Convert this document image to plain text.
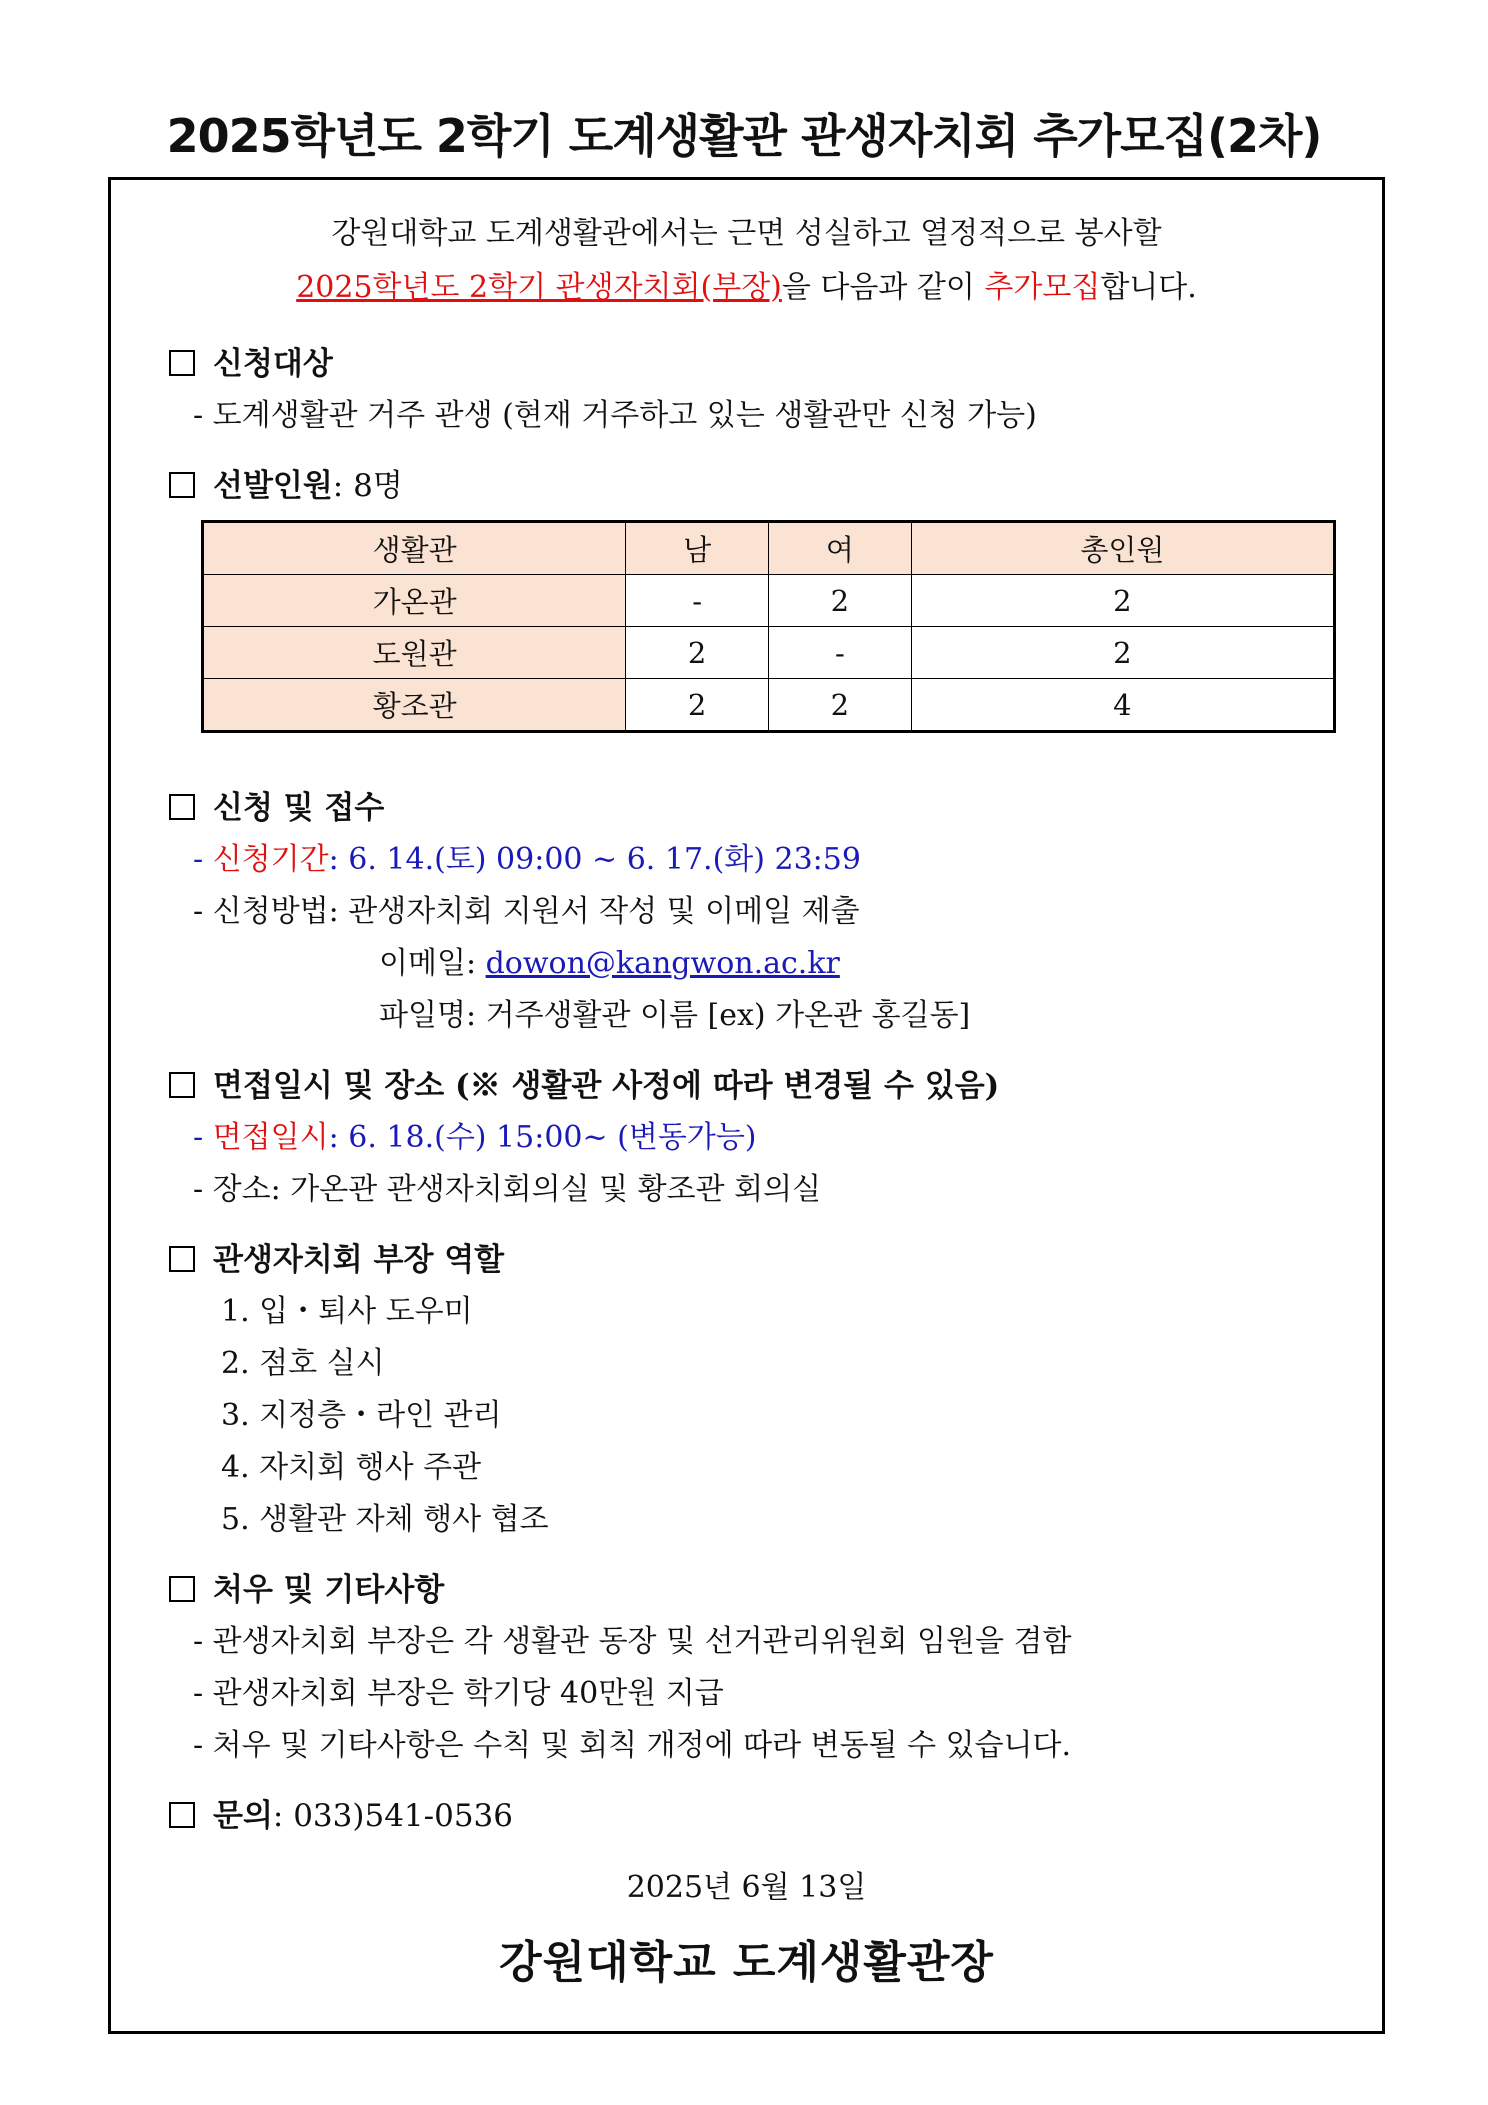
2025학년도 2학기 도계생활관 관생자치회 추가모집(2차)
강원대학교 도계생활관에서는 근면 성실하고 열정적으로 봉사할
2025학년도 2학기 관생자치회(부장)을 다음과 같이 추가모집합니다.
신청대상
- 도계생활관 거주 관생 (현재 거주하고 있는 생활관만 신청 가능)
선발인원: 8명
생활관	남	여	총인원
가온관	-	2	2
도원관	2	-	2
황조관	2	2	4
신청 및 접수
- 신청기간: 6. 14.(토) 09:00 ~ 6. 17.(화) 23:59
- 신청방법: 관생자치회 지원서 작성 및 이메일 제출
이메일: dowon@kangwon.ac.kr
파일명: 거주생활관 이름 [ex) 가온관 홍길동]
면접일시 및 장소 (※ 생활관 사정에 따라 변경될 수 있음)
- 면접일시: 6. 18.(수) 15:00~ (변동가능)
- 장소: 가온관 관생자치회의실 및 황조관 회의실
관생자치회 부장 역할
1. 입・퇴사 도우미
2. 점호 실시
3. 지정층・라인 관리
4. 자치회 행사 주관
5. 생활관 자체 행사 협조
처우 및 기타사항
- 관생자치회 부장은 각 생활관 동장 및 선거관리위원회 임원을 겸함
- 관생자치회 부장은 학기당 40만원 지급
- 처우 및 기타사항은 수칙 및 회칙 개정에 따라 변동될 수 있습니다.
문의: 033)541-0536
2025년 6월 13일
강원대학교 도계생활관장
